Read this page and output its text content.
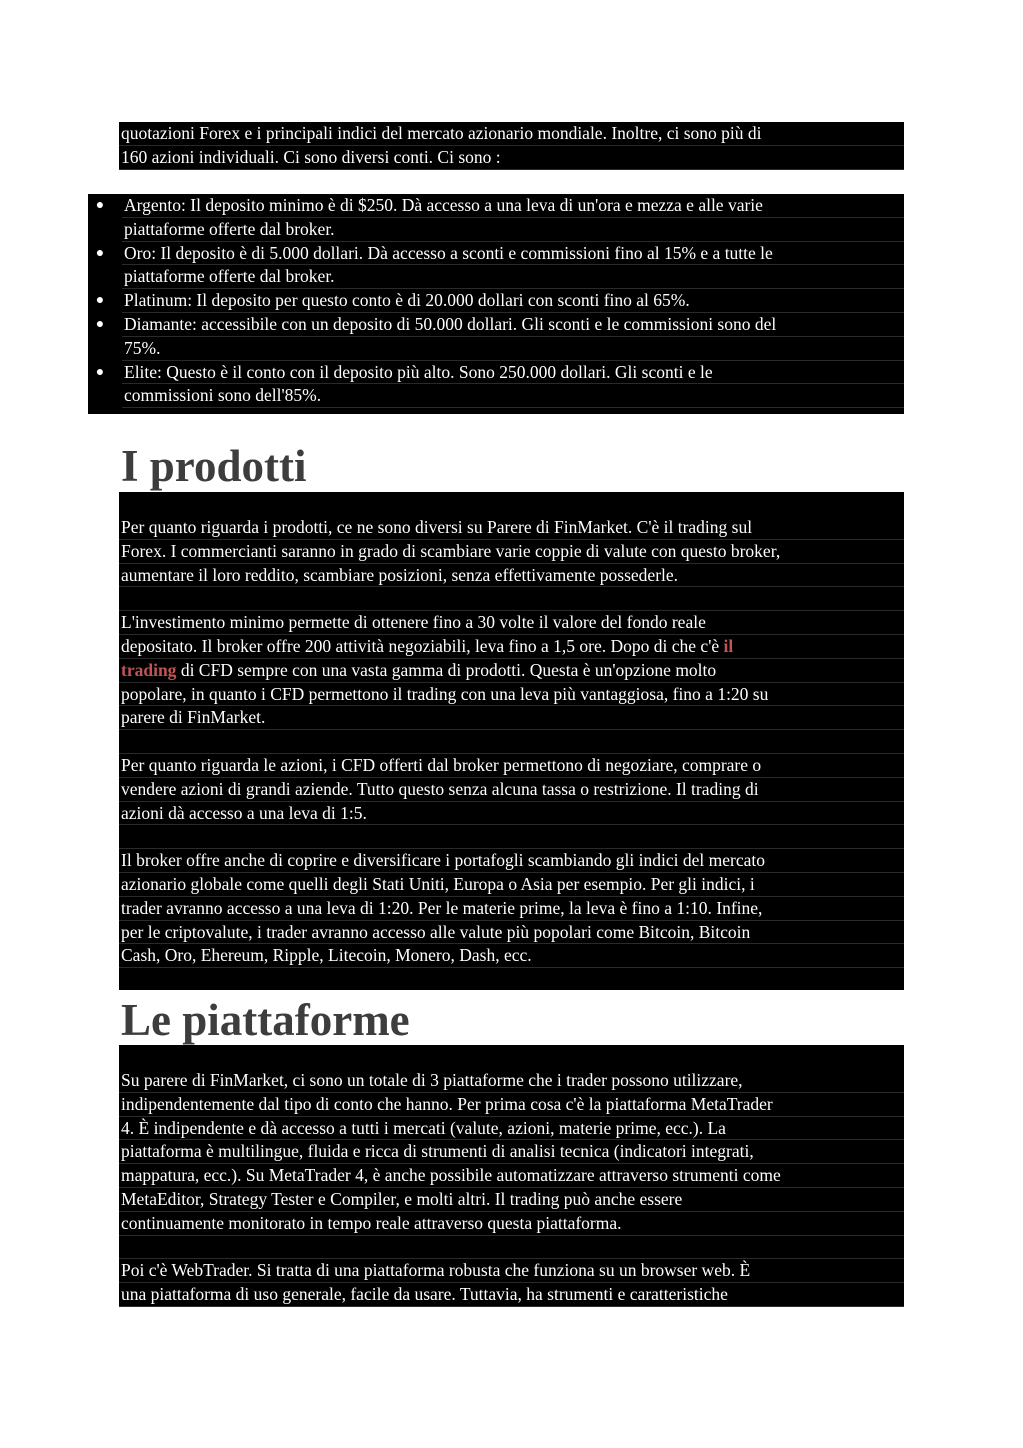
quotazioni Forex e i principali indici del mercato azionario mondiale. Inoltre, ci sono più di
160 azioni individuali. Ci sono diversi conti. Ci sono :
●	Argento: Il deposito minimo è di $250. Dà accesso a una leva di un'ora e mezza e alle varie
piattaforme offerte dal broker.
●	Oro: Il deposito è di 5.000 dollari. Dà accesso a sconti e commissioni fino al 15% e a tutte le
piattaforme offerte dal broker.
●	Platinum: Il deposito per questo conto è di 20.000 dollari con sconti fino al 65%.
●	Diamante: accessibile con un deposito di 50.000 dollari. Gli sconti e le commissioni sono del
75%.
●	Elite: Questo è il conto con il deposito più alto. Sono 250.000 dollari. Gli sconti e le
commissioni sono dell'85%.
I prodotti
Per quanto riguarda i prodotti, ce ne sono diversi su Parere di FinMarket. C'è il trading sul
Forex. I commercianti saranno in grado di scambiare varie coppie di valute con questo broker,
aumentare il loro reddito, scambiare posizioni, senza effettivamente possederle.
L'investimento minimo permette di ottenere fino a 30 volte il valore del fondo reale
depositato. Il broker offre 200 attività negoziabili, leva fino a 1,5 ore. Dopo di che c'è il
trading di CFD sempre con una vasta gamma di prodotti. Questa è un'opzione molto
popolare, in quanto i CFD permettono il trading con una leva più vantaggiosa, fino a 1:20 su
parere di FinMarket.
Per quanto riguarda le azioni, i CFD offerti dal broker permettono di negoziare, comprare o
vendere azioni di grandi aziende. Tutto questo senza alcuna tassa o restrizione. Il trading di
azioni dà accesso a una leva di 1:5.
Il broker offre anche di coprire e diversificare i portafogli scambiando gli indici del mercato
azionario globale come quelli degli Stati Uniti, Europa o Asia per esempio. Per gli indici, i
trader avranno accesso a una leva di 1:20. Per le materie prime, la leva è fino a 1:10. Infine,
per le criptovalute, i trader avranno accesso alle valute più popolari come Bitcoin, Bitcoin
Cash, Oro, Ehereum, Ripple, Litecoin, Monero, Dash, ecc.
Le piattaforme
Su parere di FinMarket, ci sono un totale di 3 piattaforme che i trader possono utilizzare,
indipendentemente dal tipo di conto che hanno. Per prima cosa c'è la piattaforma MetaTrader
4. È indipendente e dà accesso a tutti i mercati (valute, azioni, materie prime, ecc.). La
piattaforma è multilingue, fluida e ricca di strumenti di analisi tecnica (indicatori integrati,
mappatura, ecc.). Su MetaTrader 4, è anche possibile automatizzare attraverso strumenti come
MetaEditor, Strategy Tester e Compiler, e molti altri. Il trading può anche essere
continuamente monitorato in tempo reale attraverso questa piattaforma.
Poi c'è WebTrader. Si tratta di una piattaforma robusta che funziona su un browser web. È
una piattaforma di uso generale, facile da usare. Tuttavia, ha strumenti e caratteristiche
